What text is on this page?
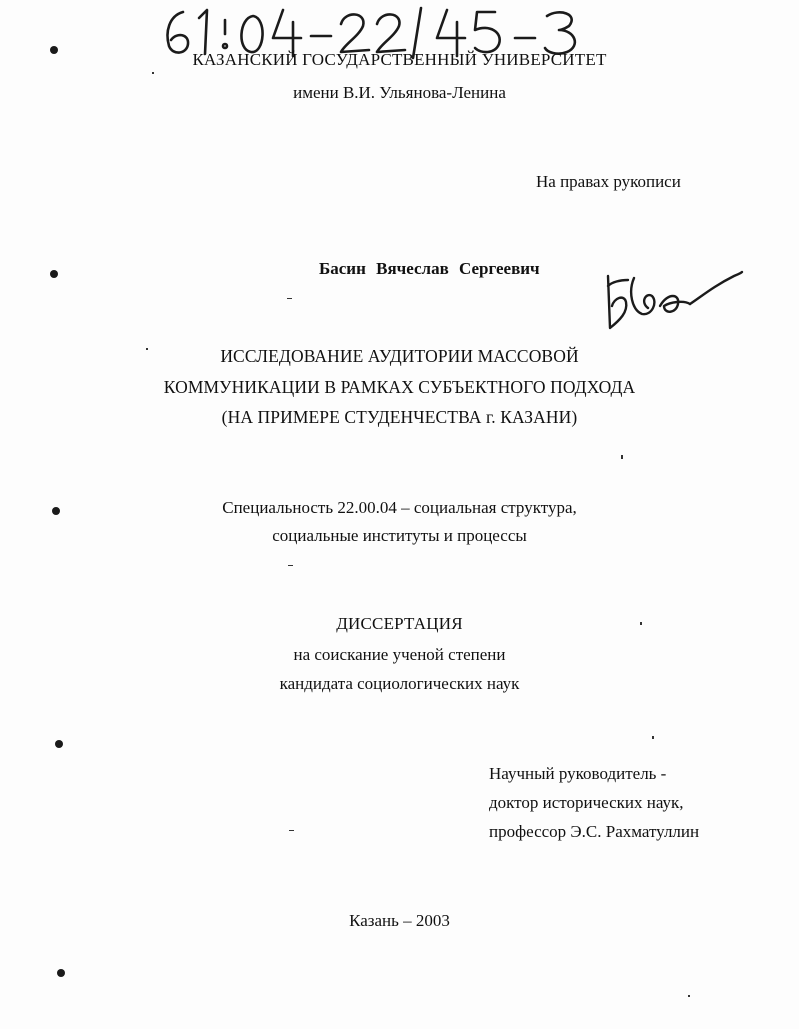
КАЗАНСКИЙ ГОСУДАРСТВЕННЫЙ УНИВЕРСИТЕТ
имени В.И. Ульянова-Ленина
На правах рукописи
Басин Вячеслав Сергеевич
ИССЛЕДОВАНИЕ АУДИТОРИИ МАССОВОЙ
КОММУНИКАЦИИ В РАМКАХ СУБЪЕКТНОГО ПОДХОДА
(НА ПРИМЕРЕ СТУДЕНЧЕСТВА г. КАЗАНИ)
Специальность 22.00.04 – социальная структура,
социальные институты и процессы
ДИССЕРТАЦИЯ
на соискание ученой степени
кандидата социологических наук
Научный руководитель -
доктор исторических наук,
профессор Э.С. Рахматуллин
Казань – 2003
